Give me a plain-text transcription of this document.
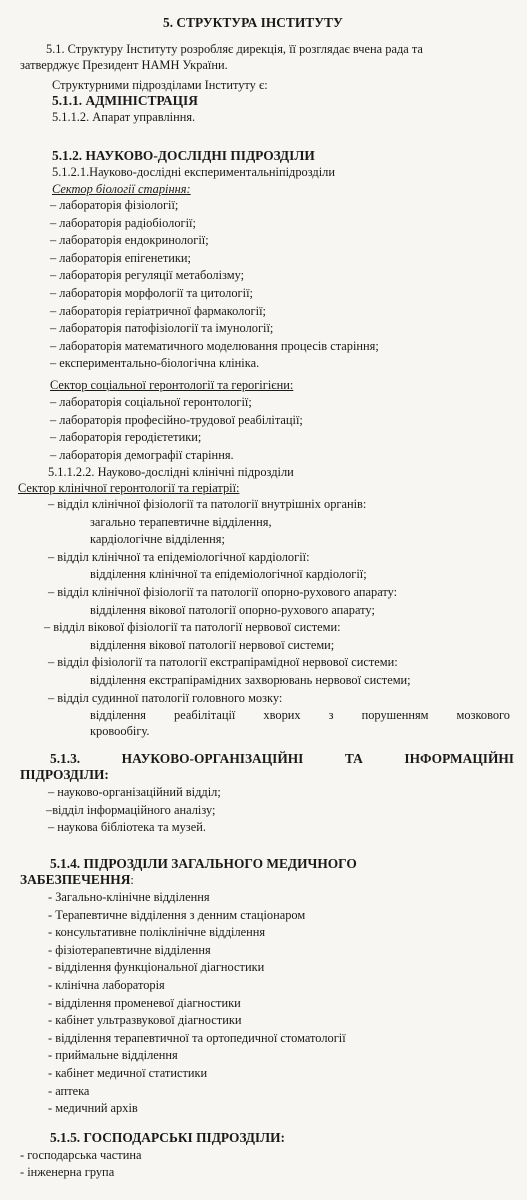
5. СТРУКТУРА ІНСТИТУТУ
5.1. Структуру Інституту розробляє дирекція, її розглядає вчена рада та
затверджує Президент НАМН України.
Структурними підрозділами Інституту є:
5.1.1. АДМІНІСТРАЦІЯ
5.1.1.2. Апарат управління.
5.1.2. НАУКОВО-ДОСЛІДНІ ПІДРОЗДІЛИ
5.1.2.1.Науково-дослідні експериментальніпідрозділи
Сектор біології старіння:
– лабораторія фізіології;
– лабораторія радіобіології;
– лабораторія ендокринології;
– лабораторія епігенетики;
– лабораторія регуляції метаболізму;
– лабораторія морфології та цитології;
– лабораторія геріатричної фармакології;
– лабораторія патофізіології та імунології;
– лабораторія математичного моделювання процесів старіння;
– експериментально-біологічна клініка.
Сектор соціальної геронтології та герогігієни:
– лабораторія соціальної геронтології;
– лабораторія професійно-трудової реабілітації;
– лабораторія геродієтетики;
– лабораторія демографії старіння.
5.1.1.2.2. Науково-дослідні клінічні підрозділи
Сектор клінічної геронтології та геріатрії:
– відділ клінічної фізіології та патології внутрішніх органів:
загально терапевтичне відділення,
кардіологічне відділення;
– відділ клінічної та епідеміологічної кардіології:
відділення клінічної та епідеміологічної кардіології;
– відділ клінічної фізіології та патології опорно-рухового апарату:
відділення вікової патології опорно-рухового апарату;
– відділ вікової фізіології та патології нервової системи:
відділення вікової патології нервової системи;
– відділ фізіології та патології екстрапірамідної нервової системи:
відділення екстрапірамідних захворювань нервової системи;
– відділ судинної патології головного мозку:
відділення реабілітації хворих з порушенням мозкового
кровообігу.
5.1.3.	НАУКОВО-ОРГАНІЗАЦІЙНІ	ТА	ІНФОРМАЦІЙНІ
ПІДРОЗДІЛИ:
– науково-організаційний відділ;
–відділ інформаційного аналізу;
– наукова бібліотека та музей.
5.1.4. ПІДРОЗДІЛИ ЗАГАЛЬНОГО МЕДИЧНОГО
ЗАБЕЗПЕЧЕННЯ:
- Загально-клінічне відділення
- Терапевтичне відділення з денним стаціонаром
- консультативне поліклінічне відділення
- фізіотерапевтичне відділення
- відділення функціональної діагностики
- клінічна лабораторія
- відділення променевої діагностики
- кабінет ультразвукової діагностики
- відділення терапевтичної та ортопедичної стоматології
- приймальне відділення
- кабінет медичної статистики
- аптека
- медичний архів
5.1.5. ГОСПОДАРСЬКІ ПІДРОЗДІЛИ:
- господарська частина
- інженерна група
